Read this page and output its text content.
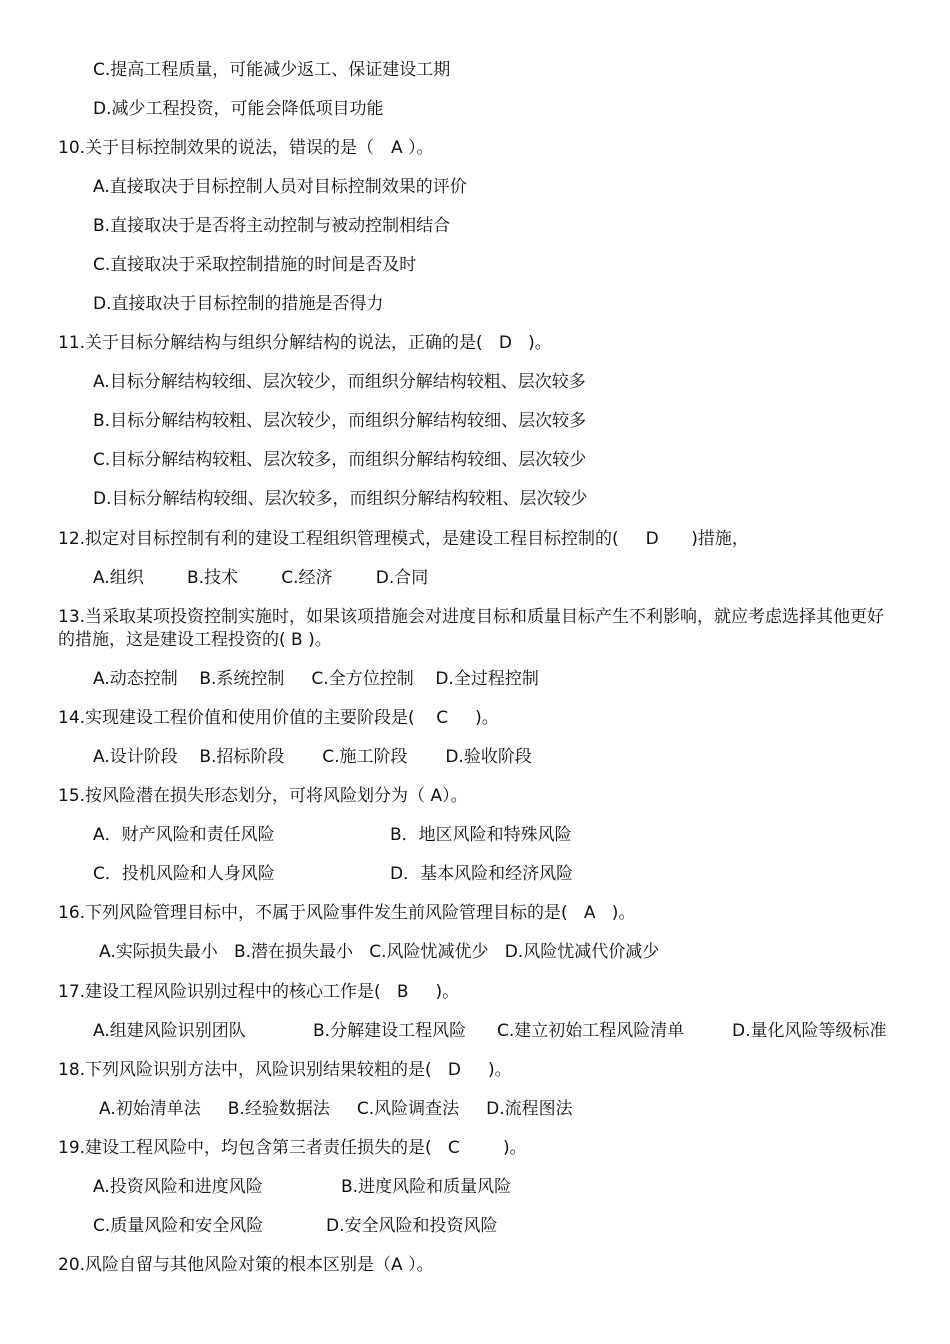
C.提高工程质量，可能减少返工、保证建设工期
D.减少工程投资，可能会降低项目功能
10.关于目标控制效果的说法，错误的是（　A ）。
A.直接取决于目标控制人员对目标控制效果的评价
B.直接取决于是否将主动控制与被动控制相结合
C.直接取决于采取控制措施的时间是否及时
D.直接取决于目标控制的措施是否得力
11.关于目标分解结构与组织分解结构的说法，正确的是(   D   )。
A.目标分解结构较细、层次较少，而组织分解结构较粗、层次较多
B.目标分解结构较粗、层次较少，而组织分解结构较细、层次较多
C.目标分解结构较粗、层次较多，而组织分解结构较细、层次较少
D.目标分解结构较细、层次较多，而组织分解结构较粗、层次较少
12.拟定对目标控制有利的建设工程组织管理模式，是建设工程目标控制的(     D      )措施，
A.组织        B.技术        C.经济        D.合同
13.当采取某项投资控制实施时，如果该项措施会对进度目标和质量目标产生不利影响，就应考虑选择其他更好的措施，这是建设工程投资的( B )。
A.动态控制    B.系统控制     C.全方位控制    D.全过程控制
14.实现建设工程价值和使用价值的主要阶段是(    C     )。
A.设计阶段    B.招标阶段       C.施工阶段       D.验收阶段
15.按风险潜在损失形态划分，可将风险划分为（ A）。
A．财产风险和责任风险	B．地区风险和特殊风险
C．投机风险和人身风险	D．基本风险和经济风险
16.下列风险管理目标中，不属于风险事件发生前风险管理目标的是(   A   )。
A.实际损失最小   B.潜在损失最小   C.风险忧减优少   D.风险忧减代价减少
17.建设工程风险识别过程中的核心工作是(   B     )。
A.组建风险识别团队	B.分解建设工程风险 C.建立初始工程风险清单	D.量化风险等级标准
18.下列风险识别方法中，风险识别结果较粗的是(   D     )。
A.初始清单法     B.经验数据法     C.风险调查法     D.流程图法
19.建设工程风险中，均包含第三者责任损失的是(   C        )。
A.投资风险和进度风险	B.进度风险和质量风险
C.质量风险和安全风险	D.安全风险和投资风险
20.风险自留与其他风险对策的根本区别是（A ）。
